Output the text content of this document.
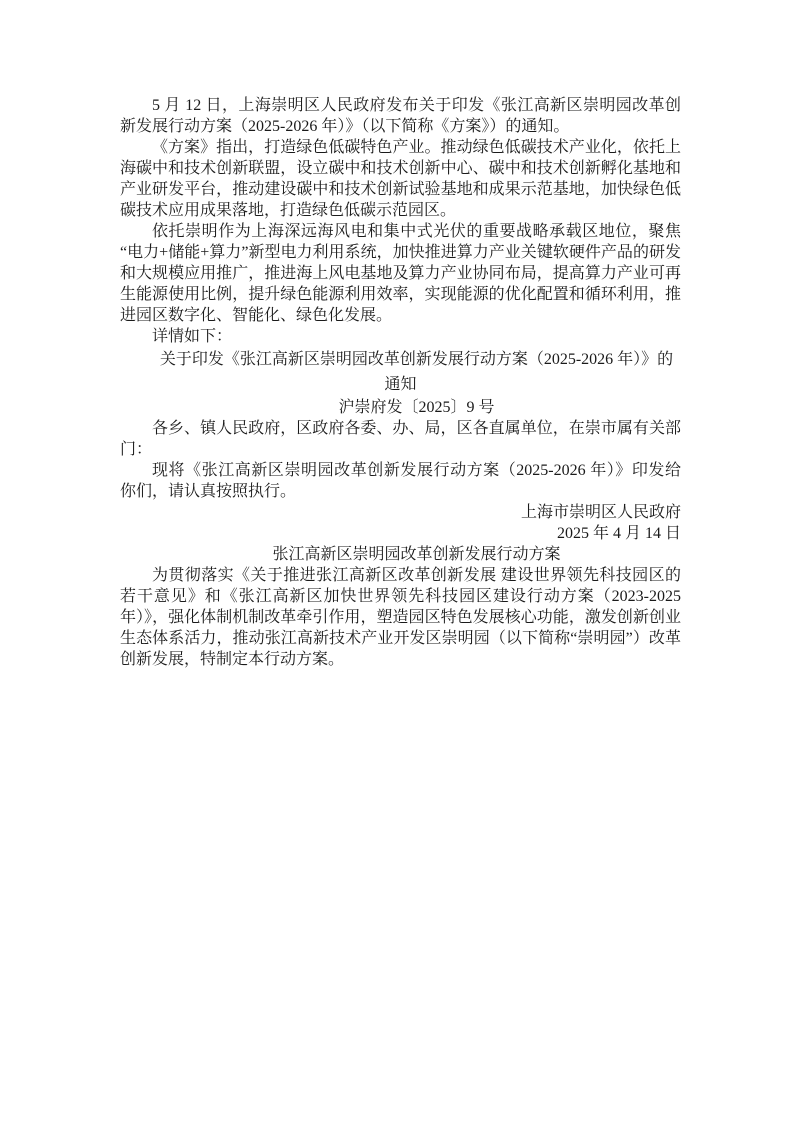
5 月 12 日，上海崇明区人民政府发布关于印发《张江高新区崇明园改革创新发展行动方案（2025-2026 年）》（以下简称《方案》）的通知。

《方案》指出，打造绿色低碳特色产业。推动绿色低碳技术产业化，依托上海碳中和技术创新联盟，设立碳中和技术创新中心、碳中和技术创新孵化基地和产业研发平台，推动建设碳中和技术创新试验基地和成果示范基地，加快绿色低碳技术应用成果落地，打造绿色低碳示范园区。

依托崇明作为上海深远海风电和集中式光伏的重要战略承载区地位，聚焦“电力+储能+算力”新型电力利用系统，加快推进算力产业关键软硬件产品的研发和大规模应用推广，推进海上风电基地及算力产业协同布局，提高算力产业可再生能源使用比例，提升绿色能源利用效率，实现能源的优化配置和循环利用，推进园区数字化、智能化、绿色化发展。

详情如下：

关于印发《张江高新区崇明园改革创新发展行动方案（2025-2026 年）》的通知
沪崇府发〔2025〕9 号

各乡、镇人民政府，区政府各委、办、局，区各直属单位，在崇市属有关部门：

现将《张江高新区崇明园改革创新发展行动方案（2025-2026 年）》印发给你们，请认真按照执行。

上海市崇明区人民政府

2025 年 4 月 14 日

张江高新区崇明园改革创新发展行动方案

为贯彻落实《关于推进张江高新区改革创新发展 建设世界领先科技园区的若干意见》和《张江高新区加快世界领先科技园区建设行动方案（2023-2025 年）》，强化体制机制改革牵引作用，塑造园区特色发展核心功能，激发创新创业生态体系活力，推动张江高新技术产业开发区崇明园（以下简称“崇明园”）改革创新发展，特制定本行动方案。
